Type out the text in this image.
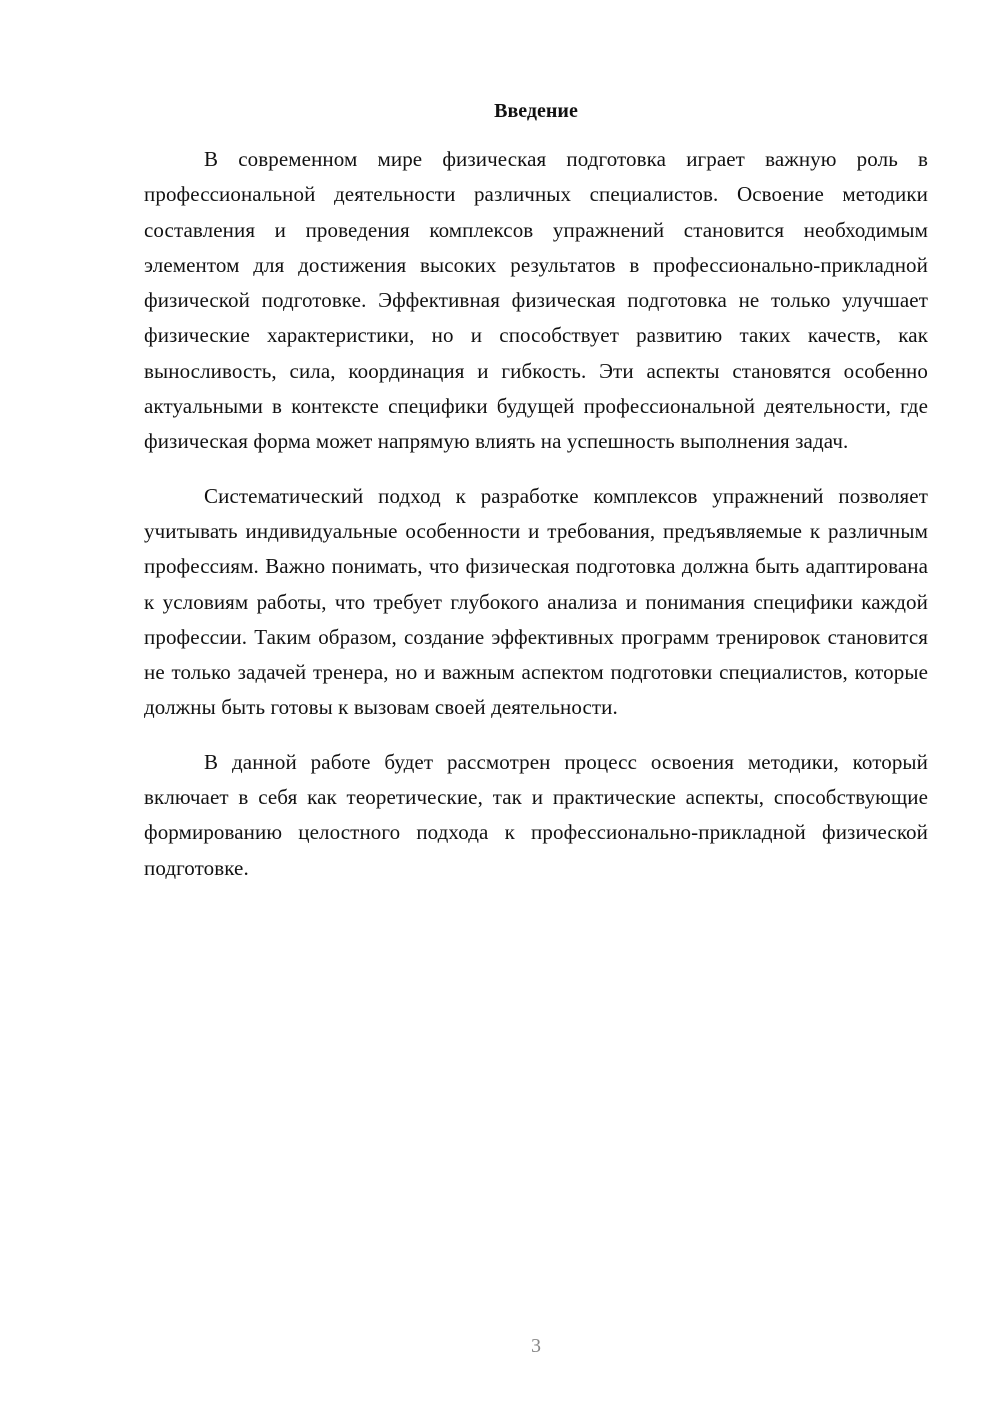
Введение

В современном мире физическая подготовка играет важную роль в профессиональной деятельности различных специалистов. Освоение методики составления и проведения комплексов упражнений становится необходимым элементом для достижения высоких результатов в профессионально-прикладной физической подготовке. Эффективная физическая подготовка не только улучшает физические характеристики, но и способствует развитию таких качеств, как выносливость, сила, координация и гибкость. Эти аспекты становятся особенно актуальными в контексте специфики будущей профессиональной деятельности, где физическая форма может напрямую влиять на успешность выполнения задач.

Систематический подход к разработке комплексов упражнений позволяет учитывать индивидуальные особенности и требования, предъявляемые к различным профессиям. Важно понимать, что физическая подготовка должна быть адаптирована к условиям работы, что требует глубокого анализа и понимания специфики каждой профессии. Таким образом, создание эффективных программ тренировок становится не только задачей тренера, но и важным аспектом подготовки специалистов, которые должны быть готовы к вызовам своей деятельности.

В данной работе будет рассмотрен процесс освоения методики, который включает в себя как теоретические, так и практические аспекты, способствующие формированию целостного подхода к профессионально-прикладной физической подготовке.

3
